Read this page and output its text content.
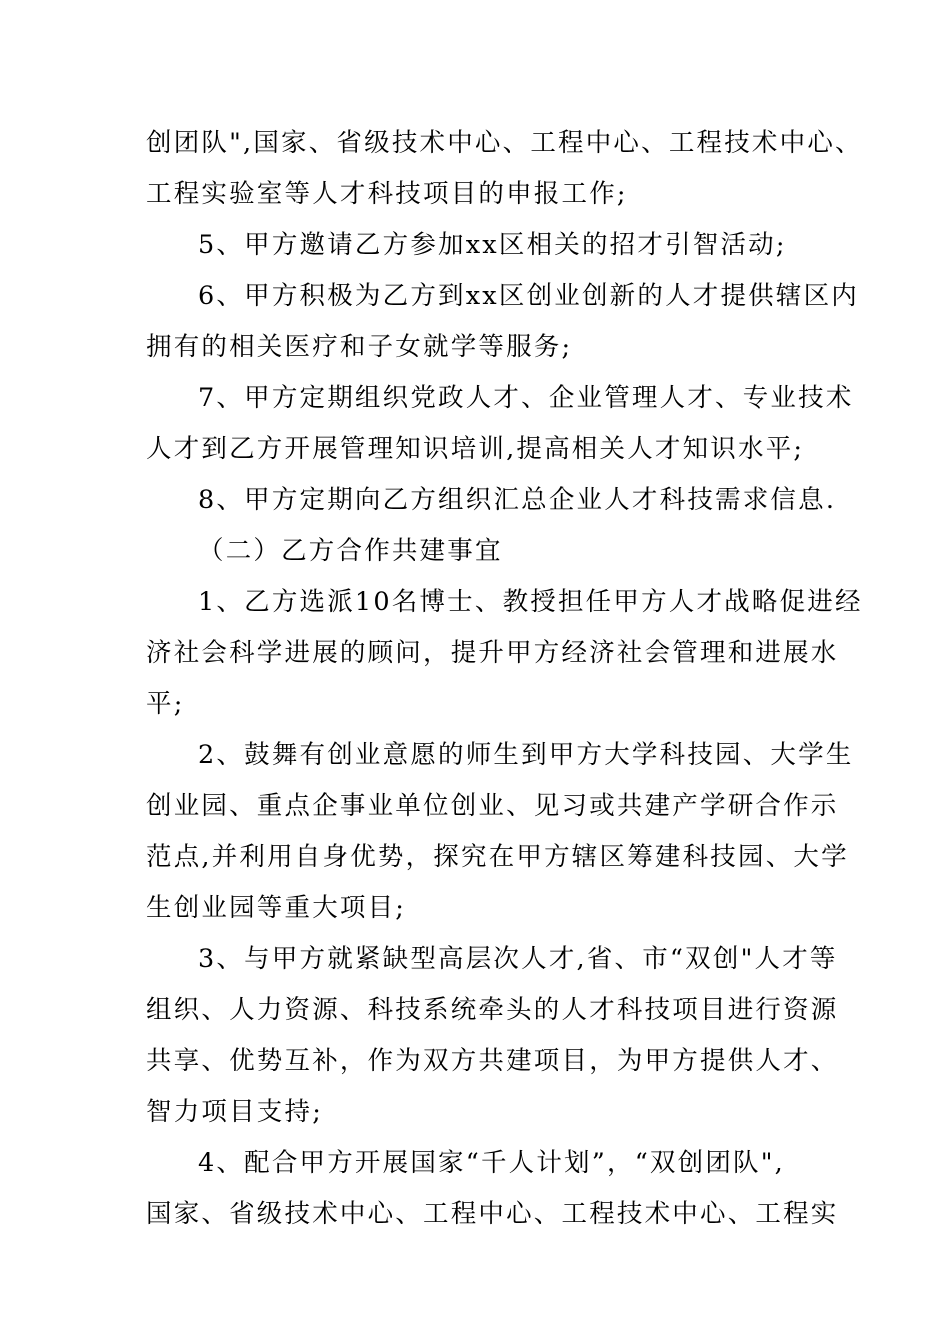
创团队",国家、省级技术中心、工程中心、工程技术中心、
工程实验室等人才科技项目的申报工作;
5、甲方邀请乙方参加xx区相关的招才引智活动;
6、甲方积极为乙方到xx区创业创新的人才提供辖区内
拥有的相关医疗和子女就学等服务;
7、甲方定期组织党政人才、企业管理人才、专业技术
人才到乙方开展管理知识培训,提高相关人才知识水平;
8、甲方定期向乙方组织汇总企业人才科技需求信息.
（二）乙方合作共建事宜
1、乙方选派10名博士、教授担任甲方人才战略促进经
济社会科学进展的顾问，提升甲方经济社会管理和进展水
平;
2、鼓舞有创业意愿的师生到甲方大学科技园、大学生
创业园、重点企事业单位创业、见习或共建产学研合作示
范点,并利用自身优势，探究在甲方辖区筹建科技园、大学
生创业园等重大项目;
3、与甲方就紧缺型高层次人才,省、市“双创"人才等
组织、人力资源、科技系统牵头的人才科技项目进行资源
共享、优势互补，作为双方共建项目，为甲方提供人才、
智力项目支持;
4、配合甲方开展国家“千人计划”，“双创团队",
国家、省级技术中心、工程中心、工程技术中心、工程实
